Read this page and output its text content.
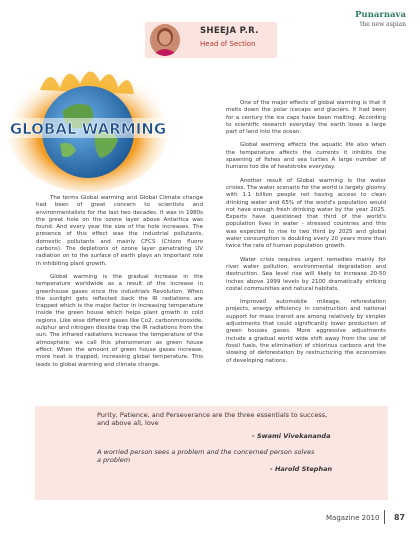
SHEEJA P.R.
Head of Section
Punarnava
the new aspian
GLOBAL WARMING

The terms Global warming and Global Climate change had been of great concern to scientists and environmentalists for the last two decades. It was in 1980s the great hole on the ozone layer above Antartica was found. And every year the size of the hole increases. The presence of this effect was the industrial pollutants, domestic pollutants and mainly CFCS (Chloro fluoro carbons). The depletions of ozone layer penetrating UV radiation on to the surface of earth plays an important role in inhibiting plant growth.

Global warming is the gradual increase in the temperature worldwide as a result of the increase in greenhouse gases since the industrials Revolution. When the sunlight gets reflected back the IR radiations are trapped which is the major factor in increasing temperature inside the green house which helps plant growth in cold regions. Like wise different gases like Co2, carbonmonoxide, sulphur and nitrogen dioxide trap the IR radiations from the sun. The infrared radiations increase the temperature of the atmosphere. we call this phenomenon as green house effect. When the amount of green house gases increase, more heat is trapped, increasing global temperature. This leads to global warming and climate change.

One of the major effects of global warming is that it melts down the polar icecaps and glaciers. It had been for a century the ice caps have been melting. According to scientific research everyday the earth loses a large part of land into the ocean.

Global warming effects the aquatic life also when the temperature affects the currents it inhibits the spawning of fishes and sea turtles A large number of humans too die of heatstroke everyday.

Another result of Global warming is the water crisies. The water scenario for the world is largely gloomy with 1.1 billion people not having access to clean drinking water and 65% of the world's population would not have enough fresh drinking water by the year 2025. Experts have questioned that third of the world's population lives in water - stressed countries and this was expected to rise to two third by 2025 and global water consumption is doubling every 20 years more than twice the rate of human population growth.

Water crisis requires urgent remedies mainly for river water pollution, environmental degradation and destruction. Sea level rise will likely to increase 20-50 inches above 1999 levels by 2100 dramatically striking costal communities and natural habitats.

Improved automobile mileage, reforestation projects, energy efficiency in construction and national support for mass transit are among relatively by simpler adjustments that could significantly lower production of green houses gases. More aggressive adjustments include a gradual world wide shift away from the use of fossil fuels, the elimination of chlorinus carbons and the slowing of deforestation by restructuring the economies of developing nations.

Purity, Patience, and Perseverance are the three essentials to success, and above all, love
- Swami Vivekananda
A worried person sees a problem and the concerned person solves a problem
- Harold Stephan
Magazine 2010 87
